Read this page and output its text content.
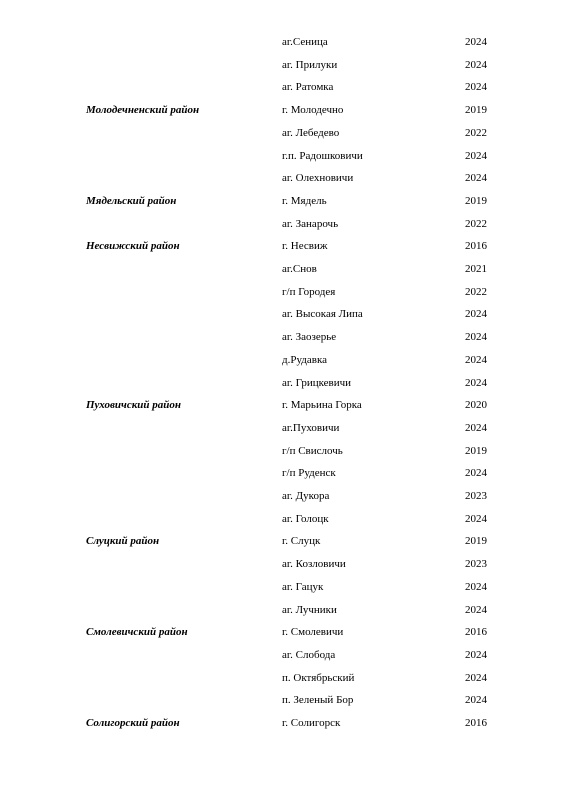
аг.Сеница	2024
аг. Прилуки	2024
аг. Ратомка	2024
Молодечненский район	г. Молодечно	2019
аг. Лебедево	2022
г.п. Радошковичи	2024
аг. Олехновичи	2024
Мядельский район	г. Мядель	2019
аг. Занарочь	2022
Несвижский район	г. Несвиж	2016
аг.Снов	2021
г/п Городея	2022
аг. Высокая Липа	2024
аг. Заозерье	2024
д.Рудавка	2024
аг. Грицкевичи	2024
Пуховичский район	г. Марьина Горка	2020
аг.Пуховичи	2024
г/п Свислочь	2019
г/п Руденск	2024
аг. Дукора	2023
аг. Голоцк	2024
Слуцкий район	г. Слуцк	2019
аг. Козловичи	2023
аг. Гацук	2024
аг. Лучники	2024
Смолевичский район	г. Смолевичи	2016
аг. Слобода	2024
п. Октябрьский	2024
п. Зеленый Бор	2024
Солигорский район	г. Солигорск	2016
